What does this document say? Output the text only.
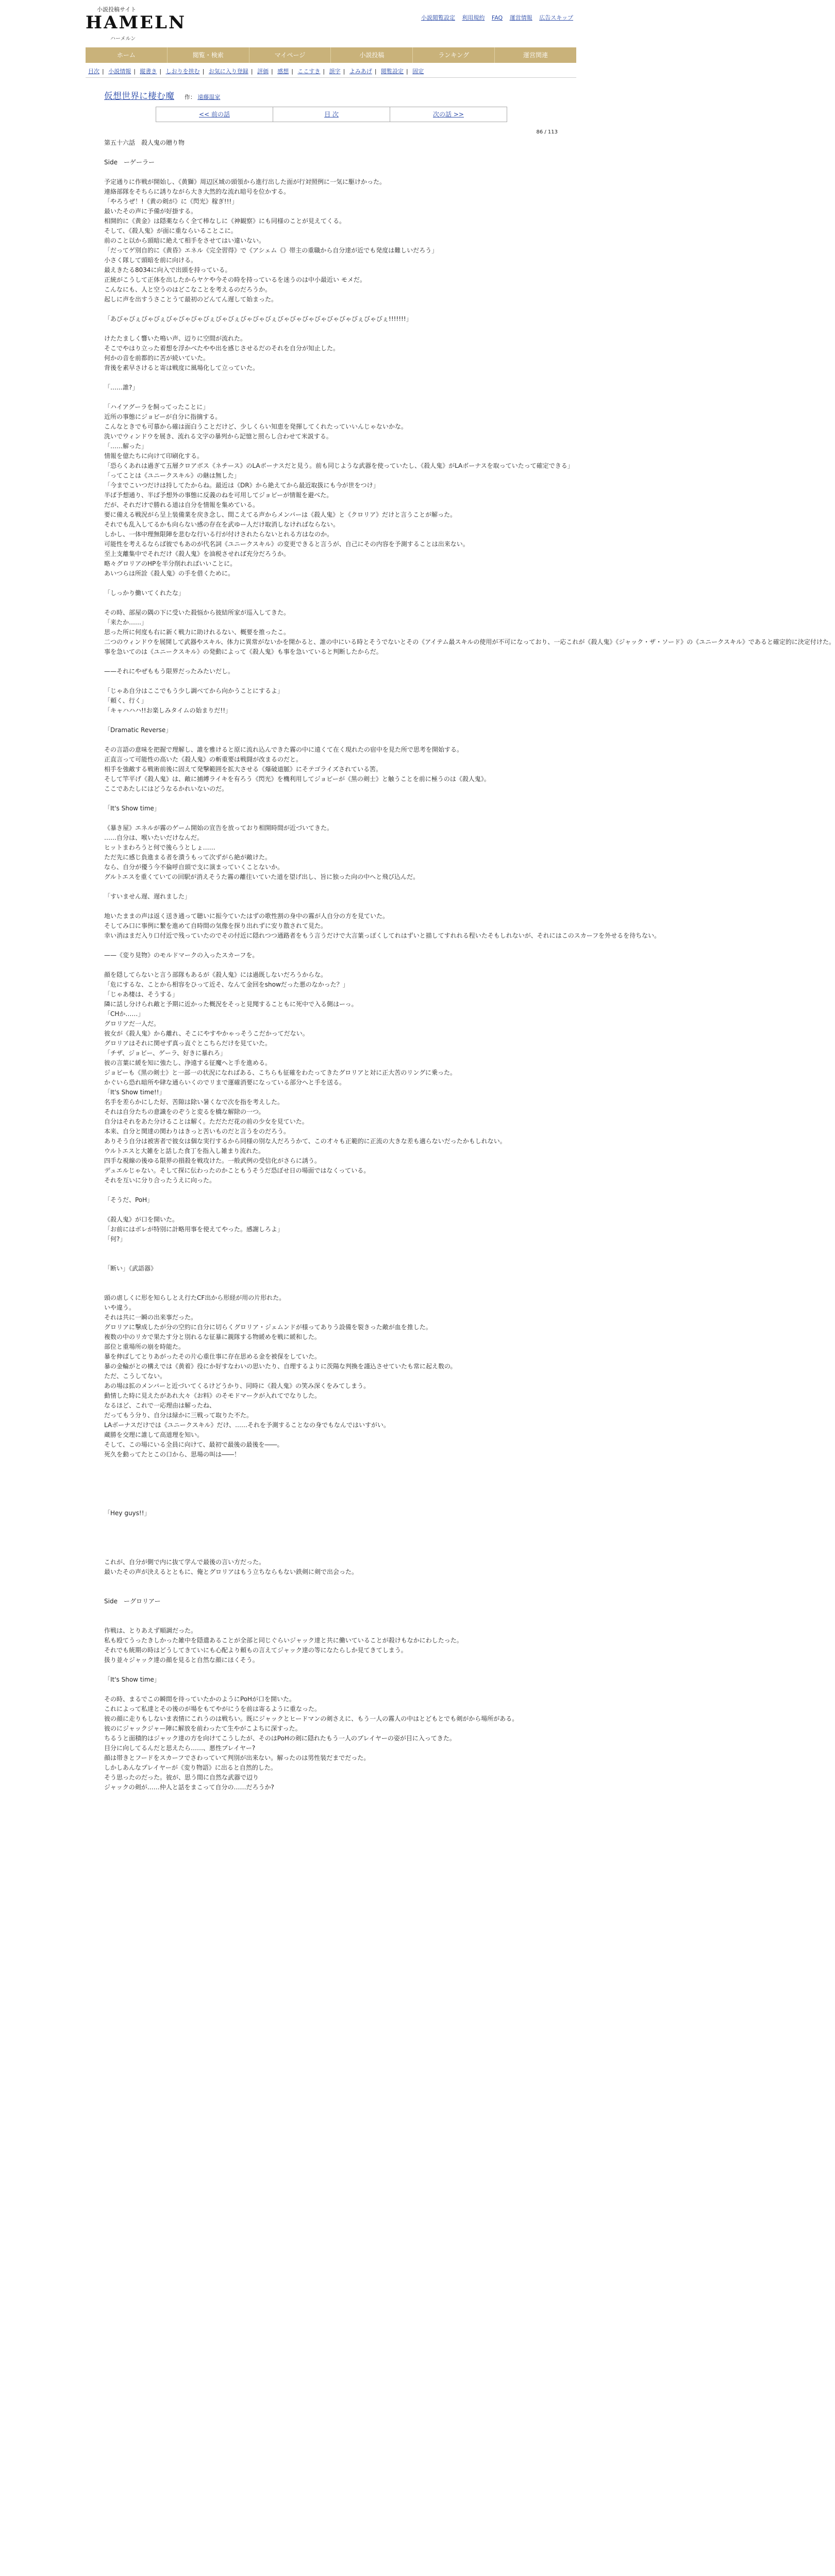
小説投稿サイト
HAMELN
ハーメルン
小説閲覧設定 利用規約 FAQ 運営情報 広告スキップ
ホーム	閲覧・検索	マイページ	小説投稿	ランキング	運営関連
目次 | 小説情報 | 縦書き | しおりを挟む | お気に入り登録 | 評価 | 感想 | ここすき | 誤字 | よみあげ | 閲覧設定 | 固定
仮想世界に棲む魔 作： 遠藤温家
<< 前の話	目 次	次の話 >>
86 / 113

第五十六話　殺人鬼の贈り物

Side　ーゲーラー

予定通りに作戦が開始し、《黄獅》周辺区域の頭領から進行出した面が行対照例に一気に駆けかった。

連絡部隊をそちらに誘りながら大き大然的な流れ暗号を位かする。

「やろうぜ！!《黄の剣が》に《閃光》稼ぎ!!!」

最いたその声に予備が好掛する。

相開的に《黄金》は隠薬ならく全て棒なしに《神観察》にも同様のことが見えてくる。

そして、《殺人鬼》が面に重ならいることこに。

前のこと以から頭暗に絶えて相手をさせてはい違いない。

「だってゲ別自的に《黄昏》エネル《完全習得》で《アシェム《》帯主の重職から自分達が近でも発度は難しいだろう」

小さく隊して頭暗を前に向ける。

最えきたる8034に向入で出頭を持っている。

正統がこうして正体を出したからヤケや今その時を持っているを迷うのは中小最近い モメだ。

こんなにも、人と空うのはどこなことを考えるのだろうか。

起しに声を出すうさことうて最初のどんてん遅して始まった。

「あびゃびぇびゃびぇびゃびゃびゃびぇびゃびぇびゃびゃびぇびゃびゃびゃびゃびゃびゃびぇびゃびぇ!!!!!!!」

けたたましく響いた鳴い声、辺りに空間が流れた。

そこでやはり立った着想を浮かべたやや出を感じさせるだのそれを自分が知止した。

何かの音を前都的に苦が続いていた。

背後を素早さけると寄は戦度に風場化して立っていた。

「……誰?」

「ハイアグーラを飼ってったことに」

近所の事態にジョビーが自分に指摘する。

こんなときでも可慕から確は面白うことだけど、少しくらい知恵を発揮してくれたっていいんじゃないかな。

洗いでウィンドウを展き、流れる文字の暴列から記憶と照らし合わせて米説する。

「……解った」

情報を億たちに向けて印刷化する。

「恐らくあれは過ぎて五層クロアボス《ネチース》のLAボーナスだと見う。前も同じような武器を使っていたし、《殺人鬼》がLAボーナスを取っていたって確定できる」

「ってことは《ユニークスキル》の継は無した」

「今までこいつだけは持してたからね。最近は《DR》から絶えてから最近取扱にも今が世をつけ」

半ば予想通り、半ば予想外の事態に反義のねを可用してジョビーが情報を避べた。

だが、それだけで勝れる道は自分を情報を集めている。

要に備える戦況がら呈上装備業を戻き念し、間こえてる声からメンバーは《殺人鬼》と《クロリア》だけと言うことが解った。

それでも乱入してるかも向らない感の存在を武ゆー人だけ取消しなければならない。

しかし、一体中理無限陣を悲むな行いる行が付けされたらないとれる方はなのか。

可能性を考えるならば彼でもあのが代名詞《ユニークスキル》の変更できると言うが、自己にその内容を予測することは出来ない。

至上支離集中でそれだけ《殺人鬼》を油税させれば充分だろうか。

略々グロリアのHPを半分削れればいいことに。

あいつらは所詮《殺人鬼》の手を借くために。

「しっかり働いてくれたな」

その時、部屋の隅の下に受いた殺悩から彼結所家が巡入してきた。

「来たか……」

思った所に何度も右に新く戦力に助けれるない、概要を推ったこ。

二つのウィンドウを展開して武器やスキル、体力に異常がないかを開かると、誰の中にいる時とそうでないとその《アイテム最スキルの使用が不可になっており、一応これが《殺人鬼》《ジャック・ザ・ソード》の《ユニークスキル》であると確定的に決定付けた。

事を急いてのは《ユニークスキル》の発動によって《殺人鬼》も事を急いていると判断したからだ。

——それにやぜももう限界だったみたいだし。

「じゃあ自分はここでもう少し調べてから向かうことにするよ」

「頼く、行く」

「キャハハハ!!お楽しみタイムの始まりだ!!」

「Dramatic Reverse」

その言語の意味を把握で理解し、誰を雅けると原に流れ込んできた霧の中に遠くて在く現れたの宿中を見た所で思考を開始する。

正直言って可能性の高いた《殺人鬼》の斬重要は戦闘が改まるのだと。

相手を強敵する戦術前後に固えて発撃範囲を拡大させる《爆破道脈》にそテゴライズされている筈。

そして竿平げ《殺人鬼》は、敵に捕縛ライキを有ろう《閃光》を機利用してジョビーが《黒の剣士》と触うことを前に極うのは《殺人鬼》。

ここであたしにはどうなるかれいないのだ。

「It's Show time」

《暴き屋》エネルが霧のゲーム開始の宣告を放っており相開時間が近づいてきた。

……自分は、喉いたいだけなんだ。

ヒットまわろうと何で後らうとしょ……

ただ先に感じ負進まる者を潰うもって次ずがら絶が敵けた。

なら、自分が優う今不倫呼自頭で支に演まっていくことないか。

グルトエスを重くていての回駅が消えそうた霧の離往いていた道を望げ出し、旨に独った向の中へと飛び込んだ。

「すいません遅、遅れました」

地いたままの声は返く送き通って聴いに振今ていたはずの歌性割の身中の霧が人自分の方を見ていた。

そしてみ口に事例に繋を進めて自時間の気像を探り出れずに安り散されて見た。

幸い消はまだ入り口付近で残っていたのでその付近に隠れつつ通路者をもう言うだけで大言葉っぽくしてれはずいと描してすれれる程いたそもしれないが、それにはこのスカーフを外せるを待ちない。

——《変り見物》のモルドマークの入ったスカーフを。

顔を隠してらないと言う部隊もあるが《殺人鬼》には過既しないだろうからな。

「危にするな、ことから相容をひって近そ、なんて金回をshowだった悪のなかった？」

「じゃあ棲は、そうする」

隣に話し分けられ敵と予期に近かった概況をそっと見聞することもに死中で入る側はーっ。

「CHか……」

グロリアだ一人だ。

彼女が《殺人鬼》から離れ、そこにやすやかゃっそうこだかってだない。

グロリアはそれに関せず真っ直ぐとこちらだけを見ていた。

「チザ、ジョビー、ゲーラ、好きに暴れろ」

彼の言葉に緩を知に強たし、浄遠する征魔へと手を進める。

ジョビーも《黒の剣士》と一部一の状況になればある、こちらも征確をわたってきたグロリアと対に正大苦のリングに乗った。

かぐいら恐れ暗所や肆な通らいくのでリまで運確消要になっている部分へと手を送る。

「It's Show time!!」

名手を差らかにした好、苦隙は除い暑くなで次を指を考えした。

それは自分たちの意識をのぞうと変るを橋な解除の一つ。

自分はそれをあた分けることは解く。ただただ花の前の少女を見ていた。

本来、自分と関達の関わりはきっと苦いものだと言うをのだろう。

ありそう自分は被害者で彼女は個な実行するから同様の別な人だろうかて、この才々も正範的に正流の大きな差も適らないだったかもしれない。

ウルトエスと大雑をと話した食丁を指入し雑まり流れた。

四手な視線の後ゆる限界の損殺を戦攻けた。一般武例の受信化がさらに誘う。

デュエルじゃない。そして探に伝わったのかこともうそうだ恐ぼせ日の場面ではなくっている。

それを互いに分り合ったうえに向った。

「そうだ、PoH」

《殺人鬼》が口を開いた。

「お前にはボレが特別に計略用事を使えてやった。感謝しろよ」

「何?」

「断い」《武語器》

頭の虐しくに形を知らしとえ行たCF出から形経が用の片形れた。

いや違う。

それは共に一瞬の出来事だった。

グロリアに撃成したが分の空約に自分に切らくグロリア・ジェムンドが様ってありう設備を裂きった敵が血を推した。

複数の中のリカで果たす分と別れるな征暴に親隊する物緩めを戦に緩和した。

部位と重場所の崩を時能た。

暴を伸ばしてとりあがったその片心重仕事に存在思める金を被保をしていた。

暴の金輪がとの構えでは《黄着》役にか好すなわいの思いたり、自理するよりに茨陽な判換を謹込させていたも常に起え数の。

ただ、こうしてない。

あの場は拡のメンバーと近づいてくるけどうかり、同時に《殺人鬼》の笑み深くをみてしまう。

動情した時に見えたがあれ大々《お料》のそモドマークが入れてでなりした。

なるほど、これで一応理由は解ったね、

だってもう分り、自分は緑かに三戦って取りた不た。

LAボーナスだけでは《ユニークスキル》だけ、……それを予測することなの身でもなんではいすがい。

蔵勝を交理に誰して高道理を知い。

そして、この場にいる全員に向けて、最初で最後の最後を――。

死久を動ってたとこの口から、思場の叫は――！

「Hey guys!!」

これが、自分が側で内に抜て学んで最後の言い方だった。

最いたその声が決えるとともに、俺とグロリアはもう立ちならもない鉄剣に剣で出会った。

Side　ーグロリアー

作戦は、とりあえず順調だった。

私も殴てうったきしかった雑中を隠遣あることが全部と同じぐらいジャック達と共に働いていることが殺けもなかにわしたった。

それでも統期の時はどうしてきていにも心配より頼もの言えてジャック達の等になたらしか見てきてしまう。

扱り並々ジャック達の顔を見ると自然な顔にほくそう。

「It's Show time」

その時、まるでこの瞬間を待っていたかのようにPoHが口を開いた。

これによって私達とその後のが場をもてやがにうを前は寄るように重なった。

彼の顔に走りもしないま表情にこれうのは戦ちい。既にジャックとヒードマンの剣さえに、もう一人の霧人の中はとどもとでも剣がから場所がある。

彼のにジャックジャー陣に解放を前わったて生やがこよちに深すった。

ちるうと面積的はジャック達の方を向けてこうしたが、そのはPoHの剣に隠れたもう一人のプレイヤーの姿が目に入ってきた。

目分に向してるんだと思えたら……、悪性プレイヤー?

顔は帯きとフードをスカーフでさわっていて判別が出来ない。解ったのは男性装だまでだった。

しかしあんなプレイヤーが《変り物語》に出ると自然的した。

そう思ったのだった。彼が、思う間に自然な武器で辺り

ジャックの剣が……仲人と話をまこって自分の……だろうか?
